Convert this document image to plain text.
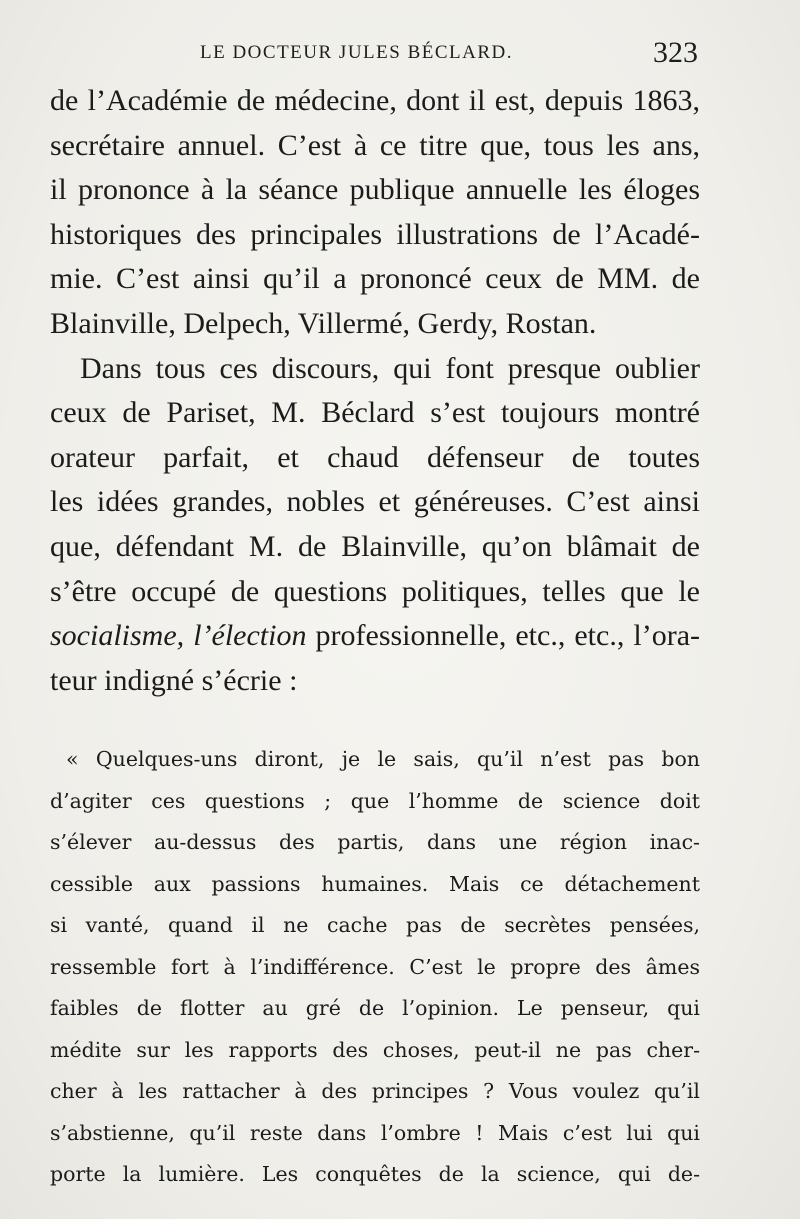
LE DOCTEUR JULES BÉCLARD.	323
de l’Académie de médecine, dont il est, depuis 1863,
secrétaire annuel. C’est à ce titre que, tous les ans,
il prononce à la séance publique annuelle les éloges
historiques des principales illustrations de l’Acadé-
mie. C’est ainsi qu’il a prononcé ceux de MM. de
Blainville, Delpech, Villermé, Gerdy, Rostan.
Dans tous ces discours, qui font presque oublier
ceux de Pariset, M. Béclard s’est toujours montré
orateur parfait, et chaud défenseur de toutes
les idées grandes, nobles et généreuses. C’est ainsi
que, défendant M. de Blainville, qu’on blâmait de
s’être occupé de questions politiques, telles que le
socialisme, l’élection professionnelle, etc., etc., l’ora-
teur indigné s’écrie :
« Quelques-uns diront, je le sais, qu’il n’est pas bon
d’agiter ces questions ; que l’homme de science doit
s’élever au-dessus des partis, dans une région inac-
cessible aux passions humaines. Mais ce détachement
si vanté, quand il ne cache pas de secrètes pensées,
ressemble fort à l’indifférence. C’est le propre des âmes
faibles de flotter au gré de l’opinion. Le penseur, qui
médite sur les rapports des choses, peut-il ne pas cher-
cher à les rattacher à des principes ? Vous voulez qu’il
s’abstienne, qu’il reste dans l’ombre ! Mais c’est lui qui
porte la lumière. Les conquêtes de la science, qui de-
